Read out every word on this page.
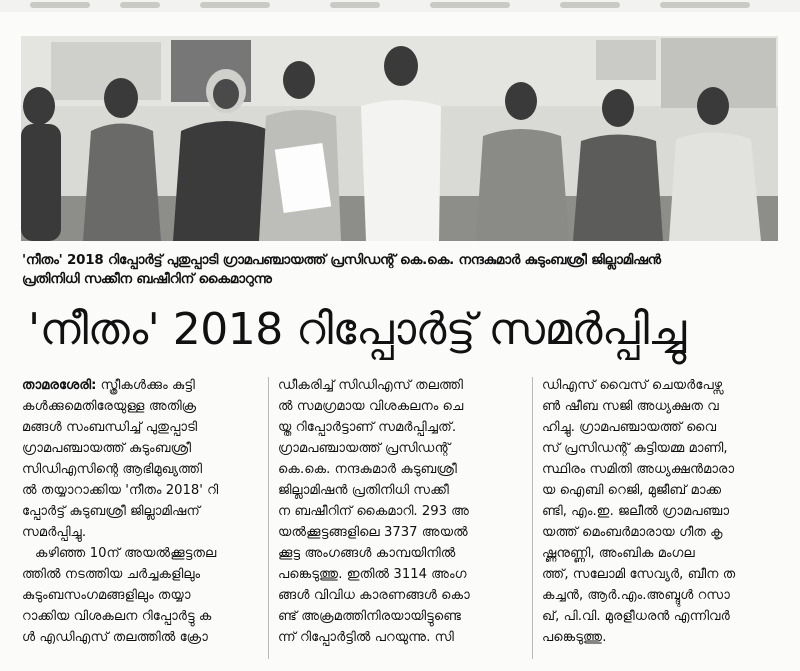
'നീതം' 2018 റിപ്പോർട്ട് പുതുപ്പാടി ഗ്രാമപഞ്ചായത്ത് പ്രസിഡന്റ് കെ.കെ. നന്ദകുമാർ കുടുംബശ്രീ ജില്ലാമിഷൻ
പ്രതിനിധി സക്കീന ബഷീറിന് കൈമാറുന്നു
'നീതം' 2018 റിപ്പോർട്ട് സമർപ്പിച്ചു
താമരശേരി: സ്ത്രീകൾക്കും കുട്ടി
കൾക്കുമെതിരേയുള്ള അതിക്ര
മങ്ങൾ സംബന്ധിച്ച് പുതുപ്പാടി
ഗ്രാമപഞ്ചായത്ത് കുടുംബശ്രീ
സിഡിഎസിന്റെ ആഭിമുഖ്യത്തി
ൽ തയ്യാറാക്കിയ 'നീതം 2018' റി
പ്പോർട്ട് കുടുബശ്രീ ജില്ലാമിഷന്
സമർപ്പിച്ചു.
കഴിഞ്ഞ 10ന് അയൽക്കൂട്ടതല
ത്തിൽ നടത്തിയ ചർച്ചകളിലും
കുടുംബസംഗമങ്ങളിലും തയ്യാ
റാക്കിയ വിശകലന റിപ്പോർട്ടു ക
ൾ എഡിഎസ് തലത്തിൽ ക്രോ
ഡീകരിച്ച് സിഡിഎസ് തലത്തി
ൽ സമഗ്രമായ വിശകലനം ചെ
യ്ത റിപ്പോർട്ടാണ് സമർപ്പിച്ചത്.
ഗ്രാമപഞ്ചായത്ത് പ്രസിഡന്റ്
കെ.കെ. നന്ദകുമാർ കുടുബശ്രീ
ജില്ലാമിഷൻ പ്രതിനിധി സക്കീ
ന ബഷീറിന് കൈമാറി. 293 ‌അ
യൽക്കൂട്ടങ്ങളിലെ 3737 അയൽ
ക്കൂട്ട അംഗങ്ങൾ കാമ്പയിനിൽ
പങ്കെടുത്തു. ഇതിൽ 3114 അംഗ
ങ്ങൾ വിവിധ കാരണങ്ങൾ കൊ
ണ്ട് അക്രമത്തിനിരയായിട്ടുണ്ടെ
ന്ന് റിപ്പോർട്ടിൽ പറയുന്നു. സി
ഡിഎസ് വൈസ് ചെയർപേഴ്സ
ൺ ഷീബ സജി അധ്യക്ഷത വ
ഹിച്ചു. ഗ്രാമപഞ്ചായത്ത് വൈ
സ് പ്രസിഡന്റ് കുട്ടിയമ്മ മാണി,
സ്ഥിരം സമിതി അധ്യക്ഷൻമാരാ
യ ഐബി റെജി, മുജീബ് മാക്ക
ണ്ടി, എം.ഇ. ജലീൽ ഗ്രാമപഞ്ചാ
യത്ത് മെംബർമാരായ ഗീത കൃ
ഷ്ണനുണ്ണി, അംബിക മംഗല
ത്ത്, സലോമി സേവ്യർ, ബീന ത
കച്ചൻ, ആർ.എം.അബ്ദുൾ റസാ
ഖ്, പി.വി. മുരളീധരൻ എന്നിവർ
പങ്കെടുത്തു.
